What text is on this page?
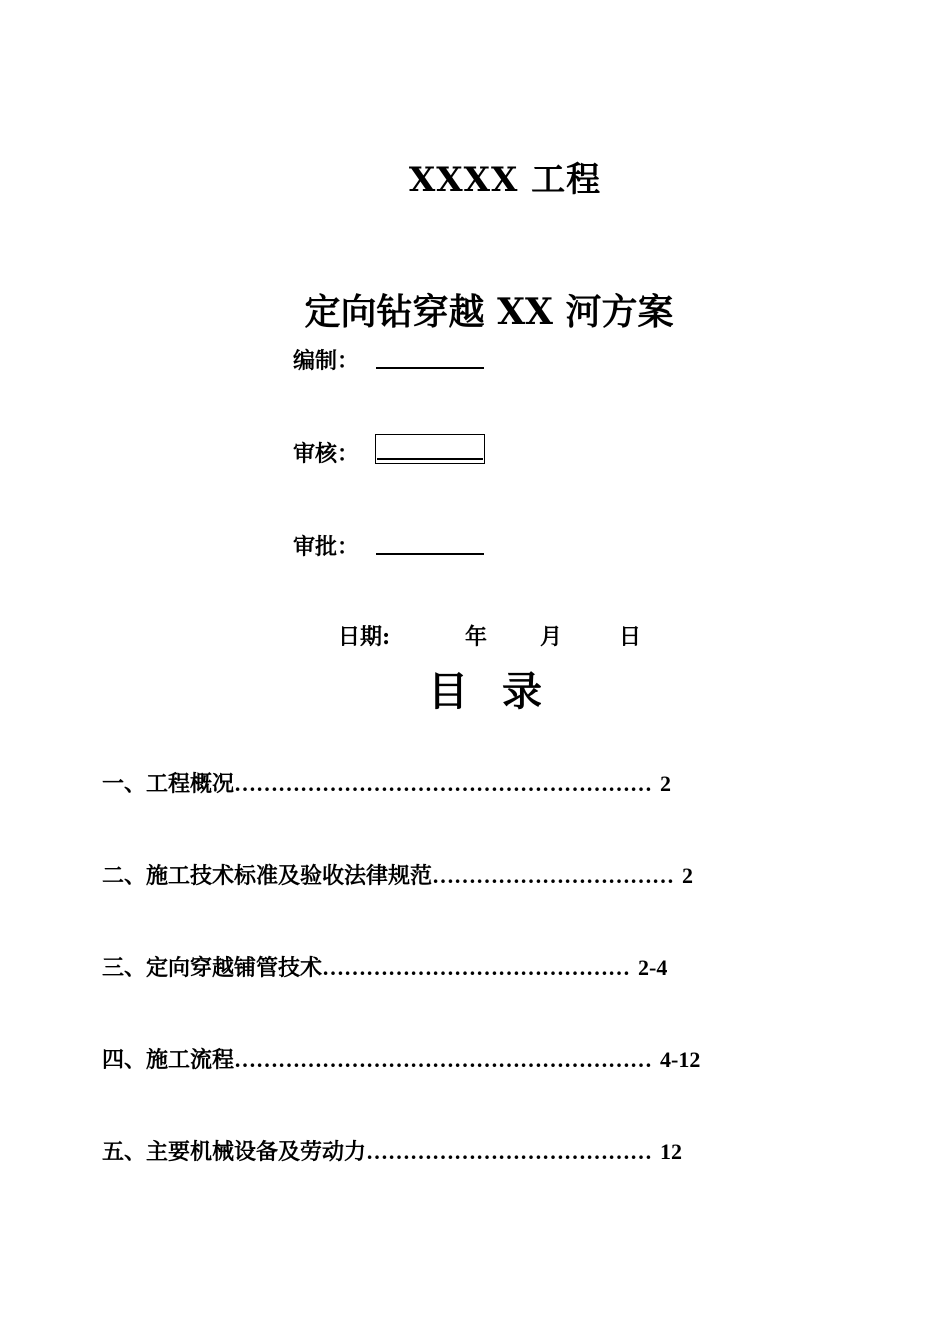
XXXX 工程
定向钻穿越 XX 河方案
编制：
审核：
审批：
日期:	年 月	日
目 录
一、工程概况 ………………………………………………… 2
二、施工技术标准及验收法律规范 …………………………… 2
三、定向穿越铺管技术 …………………………………… 2-4
四、施工流程 ………………………………………………… 4-12
五、主要机械设备及劳动力 ………………………………… 12
